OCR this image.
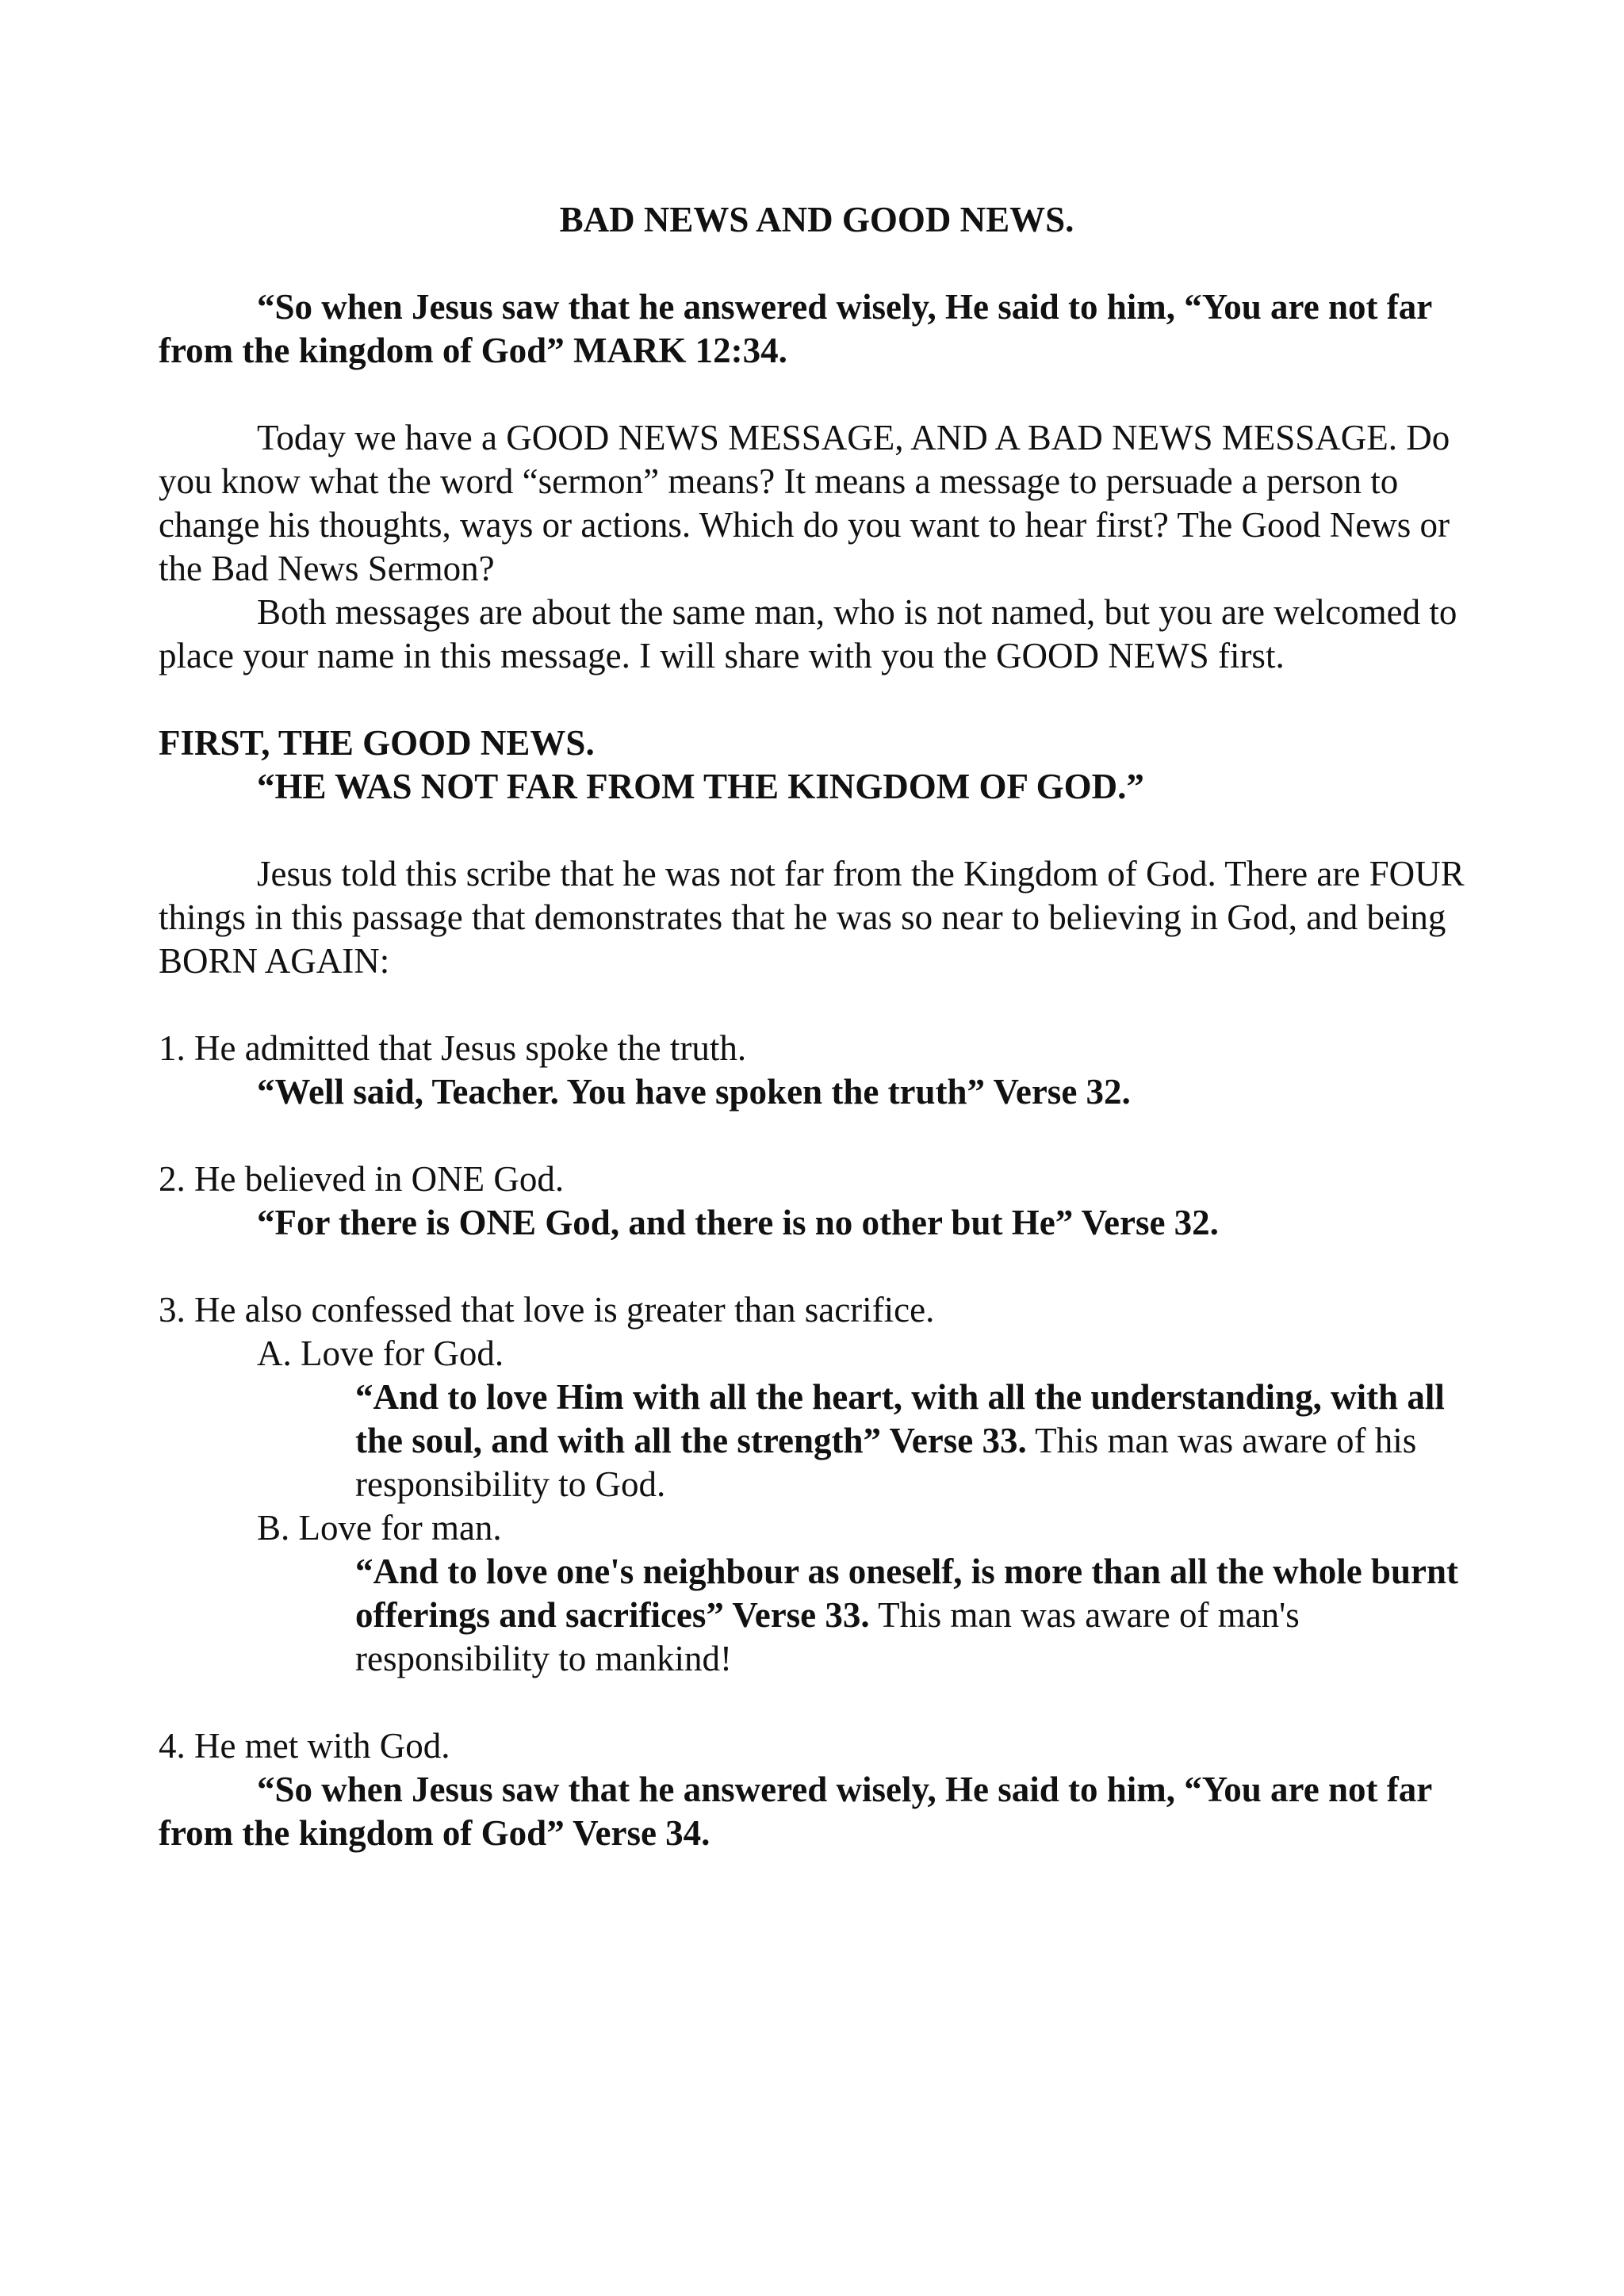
BAD NEWS AND GOOD NEWS.

“So when Jesus saw that he answered wisely, He said to him, “You are not far from the kingdom of God” MARK 12:34.

Today we have a GOOD NEWS MESSAGE, AND A BAD NEWS MESSAGE. Do you know what the word “sermon” means? It means a message to persuade a person to change his thoughts, ways or actions. Which do you want to hear first? The Good News or the Bad News Sermon?

Both messages are about the same man, who is not named, but you are welcomed to place your name in this message. I will share with you the GOOD NEWS first.

FIRST, THE GOOD NEWS.

“HE WAS NOT FAR FROM THE KINGDOM OF GOD.”

Jesus told this scribe that he was not far from the Kingdom of God. There are FOUR things in this passage that demonstrates that he was so near to believing in God, and being BORN AGAIN:

1. He admitted that Jesus spoke the truth.

“Well said, Teacher. You have spoken the truth” Verse 32.

2. He believed in ONE God.

“For there is ONE God, and there is no other but He” Verse 32.

3. He also confessed that love is greater than sacrifice.

A. Love for God.

“And to love Him with all the heart, with all the understanding, with all the soul, and with all the strength” Verse 33. This man was aware of his responsibility to God.

B. Love for man.

“And to love one's neighbour as oneself, is more than all the whole burnt offerings and sacrifices” Verse 33. This man was aware of man's responsibility to mankind!

4. He met with God.

“So when Jesus saw that he answered wisely, He said to him, “You are not far from the kingdom of God” Verse 34.
